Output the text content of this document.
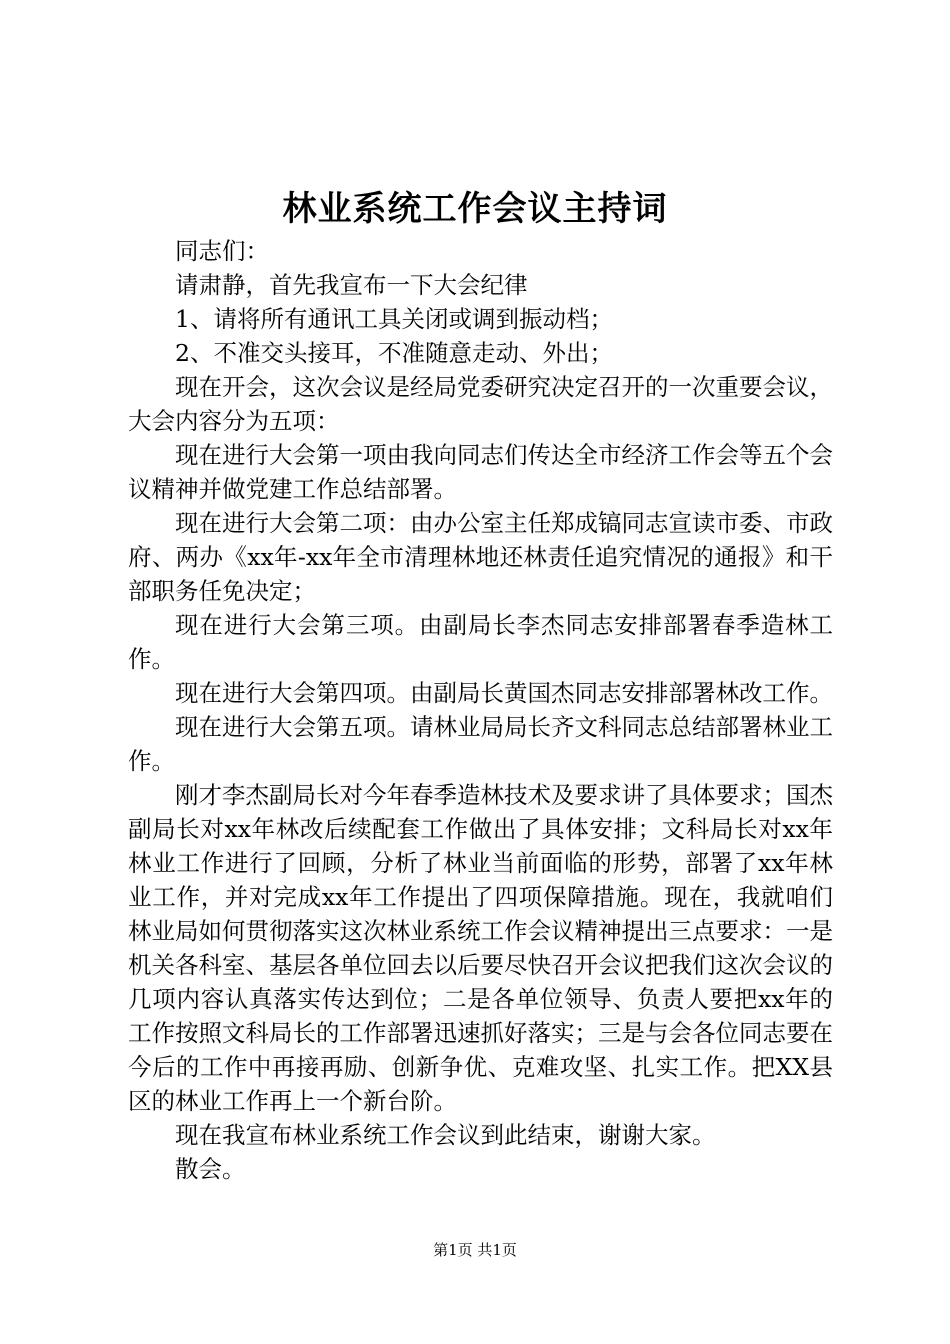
林业系统工作会议主持词

同志们：

请肃静，首先我宣布一下大会纪律

1、请将所有通讯工具关闭或调到振动档；

2、不准交头接耳，不准随意走动、外出；

现在开会，这次会议是经局党委研究决定召开的一次重要会议，大会内容分为五项：

现在进行大会第一项由我向同志们传达全市经济工作会等五个会议精神并做党建工作总结部署。

现在进行大会第二项：由办公室主任郑成镐同志宣读市委、市政府、两办《xx年-xx年全市清理林地还林责任追究情况的通报》和干部职务任免决定；

现在进行大会第三项。由副局长李杰同志安排部署春季造林工作。

现在进行大会第四项。由副局长黄国杰同志安排部署林改工作。

现在进行大会第五项。请林业局局长齐文科同志总结部署林业工作。

刚才李杰副局长对今年春季造林技术及要求讲了具体要求；国杰副局长对xx年林改后续配套工作做出了具体安排；文科局长对xx年林业工作进行了回顾，分析了林业当前面临的形势，部署了xx年林业工作，并对完成xx年工作提出了四项保障措施。现在，我就咱们林业局如何贯彻落实这次林业系统工作会议精神提出三点要求：一是机关各科室、基层各单位回去以后要尽快召开会议把我们这次会议的几项内容认真落实传达到位；二是各单位领导、负责人要把xx年的工作按照文科局长的工作部署迅速抓好落实；三是与会各位同志要在今后的工作中再接再励、创新争优、克难攻坚、扎实工作。把XX县区的林业工作再上一个新台阶。

现在我宣布林业系统工作会议到此结束，谢谢大家。

散会。

第1页 共1页
